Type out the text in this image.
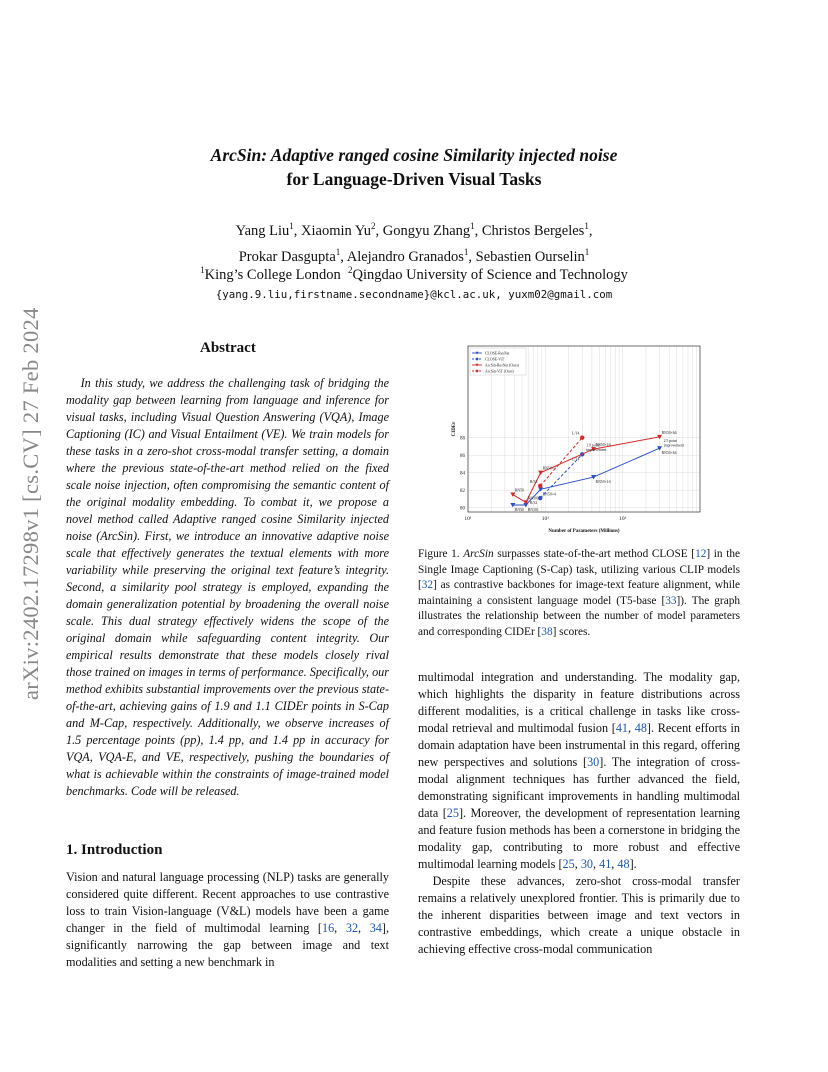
arXiv:2402.17298v1 [cs.CV] 27 Feb 2024
ArcSin: Adaptive ranged cosine Similarity injected noise
for Language-Driven Visual Tasks
Yang Liu$^1$, Xiaomin Yu$^2$, Gongyu Zhang$^1$, Christos Bergeles$^1$,
Prokar Dasgupta$^1$, Alejandro Granados$^1$, Sebastien Ourselin$^1$
$^1$King’s College London $^2$Qingdao University of Science and Technology
{yang.9.liu,firstname.secondname}@kcl.ac.uk, yuxm02@gmail.com
Abstract
In this study, we address the challenging task of bridging the modality gap between learning from language and inference for visual tasks, including Visual Question Answering (VQA), Image Captioning (IC) and Visual Entailment (VE). We train models for these tasks in a zero-shot cross-modal transfer setting, a domain where the previous state-of-the-art method relied on the fixed scale noise injection, often compromising the semantic content of the original modality embedding. To combat it, we propose a novel method called Adaptive ranged cosine Similarity injected noise (ArcSin). First, we introduce an innovative adaptive noise scale that effectively generates the textual elements with more variability while preserving the original text feature’s integrity. Second, a similarity pool strategy is employed, expanding the domain generalization potential by broadening the overall noise scale. This dual strategy effectively widens the scope of the original domain while safeguarding content integrity. Our empirical results demonstrate that these models closely rival those trained on images in terms of performance. Specifically, our method exhibits substantial improvements over the previous state-of-the-art, achieving gains of 1.9 and 1.1 CIDEr points in S-Cap and M-Cap, respectively. Additionally, we observe increases of 1.5 percentage points (pp), 1.4 pp, and 1.4 pp in accuracy for VQA, VQA-E, and VE, respectively, pushing the boundaries of what is achievable within the constraints of image-trained model benchmarks. Code will be released.
1. Introduction

Vision and natural language processing (NLP) tasks are generally considered quite different. Recent approaches to use contrastive loss to train Vision-language (V&L) models have been a game changer in the field of multimodal learning [16, 32, 34], significantly narrowing the gap between image and text modalities and setting a new benchmark in

80
82
84
86
88
10¹	10²	10³
Number of Parameters (Millions)
CIDEr
RN50 RN101
RN50×4
RN50×16
RN50×64
B/32
L/14
RN50
RN101
RN50×4
RN50×16
RN50×64
B/32
L/14
CLOSE-ResNet
CLOSE-ViT
ArcSin-ResNet (Ours)
ArcSin-ViT (Ours)
1.9 point
improvement
2.5 point
improvement
Figure 1. ArcSin surpasses state-of-the-art method CLOSE [12] in the Single Image Captioning (S-Cap) task, utilizing various CLIP models [32] as contrastive backbones for image-text feature alignment, while maintaining a consistent language model (T5-base [33]). The graph illustrates the relationship between the number of model parameters and corresponding CIDEr [38] scores.

multimodal integration and understanding. The modality gap, which highlights the disparity in feature distributions across different modalities, is a critical challenge in tasks like cross-modal retrieval and multimodal fusion [41, 48]. Recent efforts in domain adaptation have been instrumental in this regard, offering new perspectives and solutions [30]. The integration of cross-modal alignment techniques has further advanced the field, demonstrating significant improvements in handling multimodal data [25]. Moreover, the development of representation learning and feature fusion methods has been a cornerstone in bridging the modality gap, contributing to more robust and effective multimodal learning models [25, 30, 41, 48].

Despite these advances, zero-shot cross-modal transfer remains a relatively unexplored frontier. This is primarily due to the inherent disparities between image and text vectors in contrastive embeddings, which create a unique obstacle in achieving effective cross-modal communication
